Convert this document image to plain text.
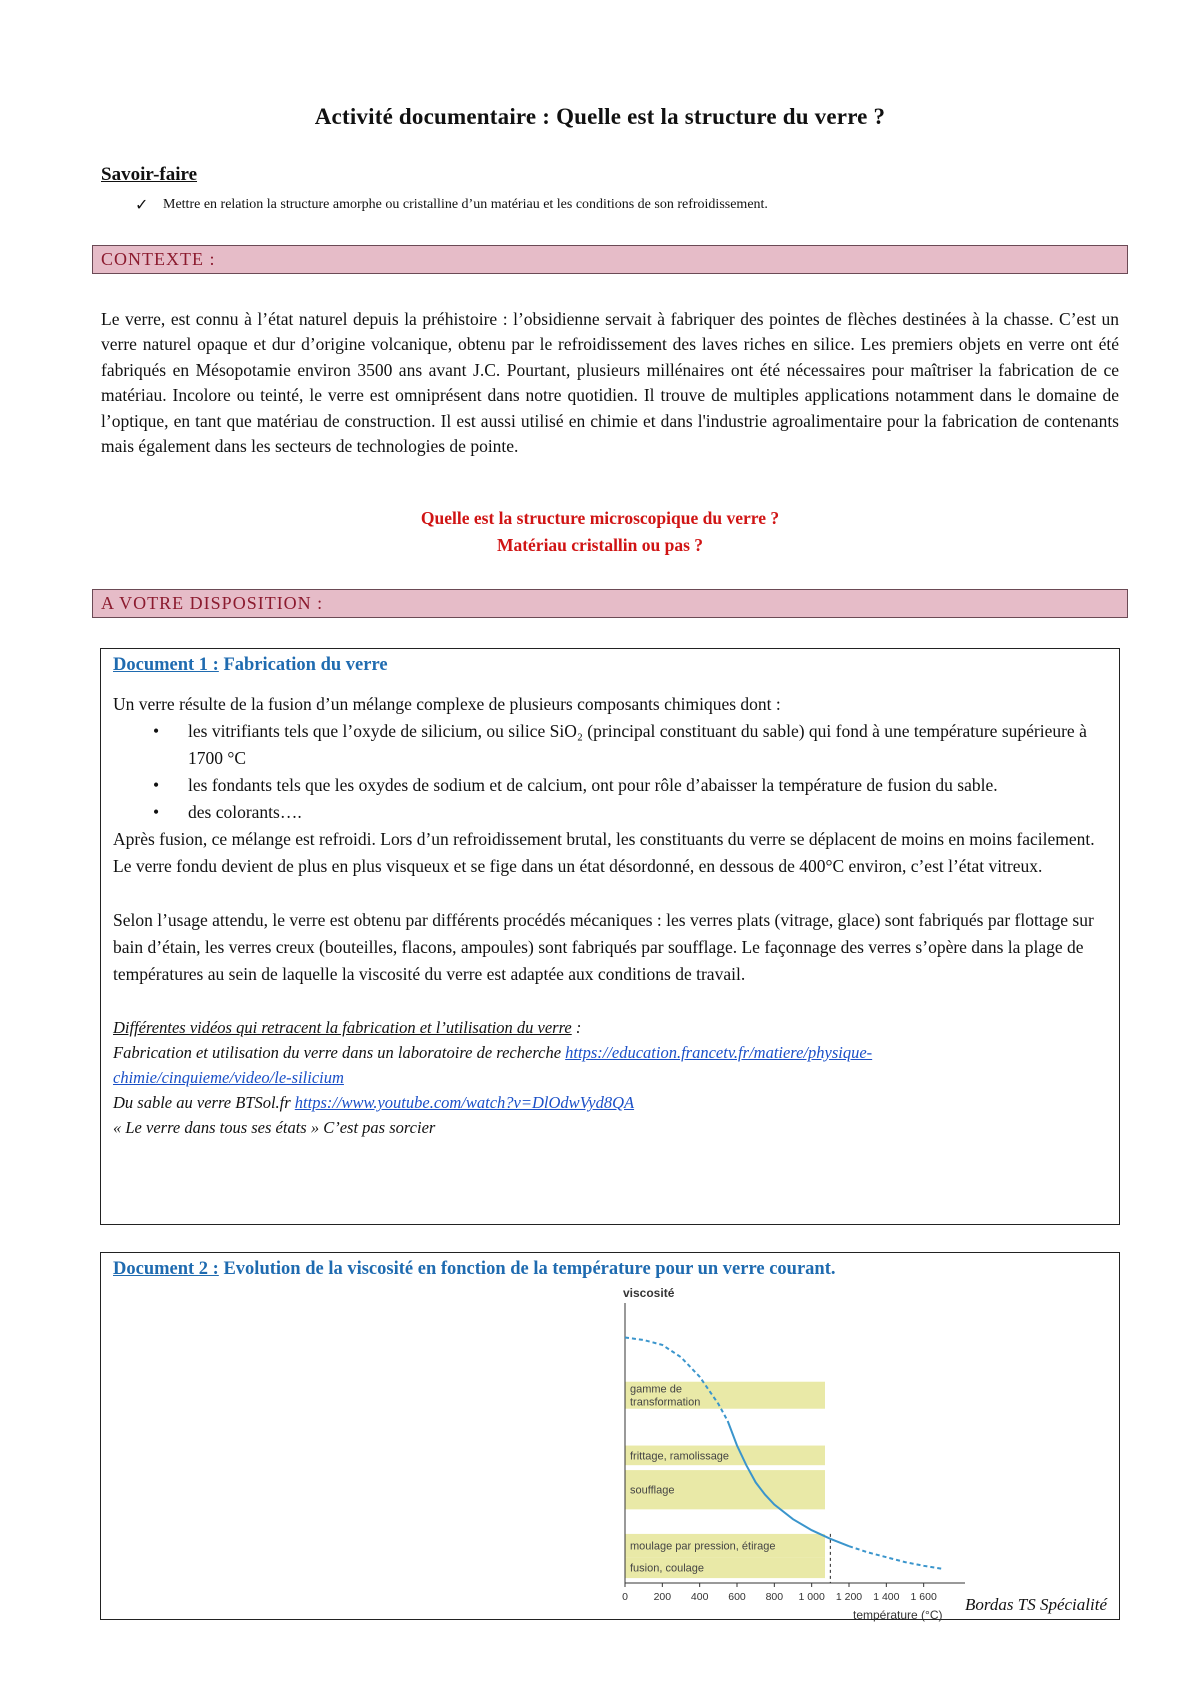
Activité documentaire : Quelle est la structure du verre ?
Savoir-faire
✓	Mettre en relation la structure amorphe ou cristalline d’un matériau et les conditions de son refroidissement.
CONTEXTE :
Le verre, est connu à l’état naturel depuis la préhistoire : l’obsidienne servait à fabriquer des pointes de flèches destinées à la chasse. C’est un verre naturel opaque et dur d’origine volcanique, obtenu par le refroidissement des laves riches en silice. Les premiers objets en verre ont été fabriqués en Mésopotamie environ 3500 ans avant J.C. Pourtant, plusieurs millénaires ont été nécessaires pour maîtriser la fabrication de ce matériau. Incolore ou teinté, le verre est omniprésent dans notre quotidien. Il trouve de multiples applications notamment dans le domaine de l’optique, en tant que matériau de construction. Il est aussi utilisé en chimie et dans l'industrie agroalimentaire pour la fabrication de contenants mais également dans les secteurs de technologies de pointe.
Quelle est la structure microscopique du verre ?
Matériau cristallin ou pas ?
A VOTRE DISPOSITION :
Document 1 : Fabrication du verre

Un verre résulte de la fusion d’un mélange complexe de plusieurs composants chimiques dont :

• les vitrifiants tels que l’oxyde de silicium, ou silice SiO₂ (principal constituant du sable) qui fond à une température supérieure à 1700 °C
• les fondants tels que les oxydes de sodium et de calcium, ont pour rôle d’abaisser la température de fusion du sable.
• des colorants….

Après fusion, ce mélange est refroidi. Lors d’un refroidissement brutal, les constituants du verre se déplacent de moins en moins facilement. Le verre fondu devient de plus en plus visqueux et se fige dans un état désordonné, en dessous de 400°C environ, c’est l’état vitreux.

Selon l’usage attendu, le verre est obtenu par différents procédés mécaniques : les verres plats (vitrage, glace) sont fabriqués par flottage sur bain d’étain, les verres creux (bouteilles, flacons, ampoules) sont fabriqués par soufflage. Le façonnage des verres s’opère dans la plage de températures au sein de laquelle la viscosité du verre est adaptée aux conditions de travail.

Différentes vidéos qui retracent la fabrication et l’utilisation du verre :
Fabrication et utilisation du verre dans un laboratoire de recherche https://education.francetv.fr/matiere/physique-
chimie/cinquieme/video/le-silicium
Du sable au verre BTSol.fr https://www.youtube.com/watch?v=DlOdwVyd8QA
« Le verre dans tous ses états » C’est pas sorcier
Document 2 : Evolution de la viscosité en fonction de la température pour un verre courant.
gamme de
transformation
frittage, ramolissage
soufflage
moulage par pression, étirage
fusion, coulage
viscosité
température (°C)
0 200 400 600 800 1 000 1 200 1 400 1 600 Bordas TS Spécialité
